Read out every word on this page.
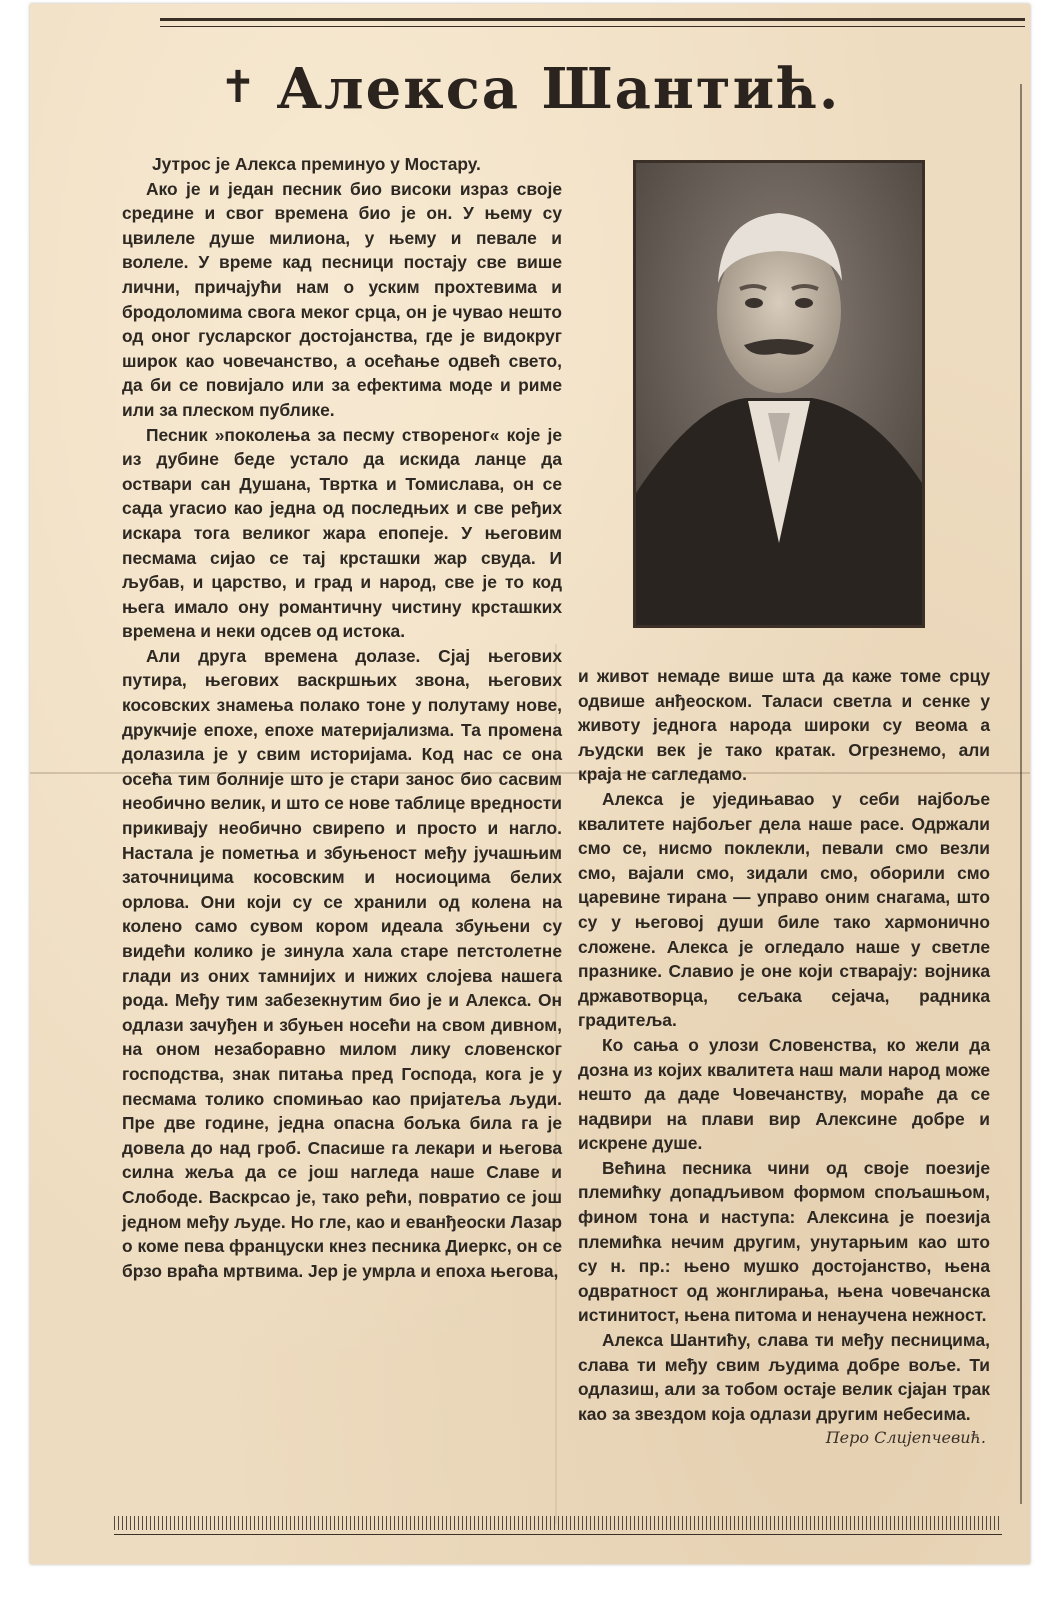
✝ Алекса Шантић.

Јутрос је Алекса преминуо у Мостару.

Ако је и један песник био високи израз своје средине и свог времена био је он. У њему су цвилеле душе милиона, у њему и певале и волеле. У време кад песници постају све више лични, причајући нам о уским прохтевима и бродоломима свога меког срца, он је чувао нешто од оног гусларског достојанства, где је видокруг широк као човечанство, а осећање одвећ свето, да би се повијало или за ефектима моде и риме или за плеском публике.

Песник »поколења за песму створеног« које је из дубине беде устало да искида ланце да оствари сан Душана, Твртка и Томислава, он се сада угасио као једна од последњих и све ређих искара тога великог жара епопеје. У његовим песмама сијао се тај крсташки жар свуда. И љубав, и царство, и град и народ, све је то код њега имало ону романтичну чистину крсташких времена и неки одсев од истока.

Али друга времена долазе. Сјај његових путира, његових васкршњих звона, његових косовских знамења полако тоне у полутаму нове, друкчије епохе, епохе материјализма. Та промена долазила је у свим историјама. Код нас се она осећа тим болније што је стари занос био сасвим необично велик, и што се нове таблице вредности прикивају необично свирепо и просто и нагло. Настала је пометња и збуњеност међу јучашњим заточницима косовским и носиоцима белих орлова. Они који су се хранили од колена на колено само сувом кором идеала збуњени су видећи колико је зинула хала старе петстолетне глади из оних тамнијих и нижих слојева нашега рода. Међу тим забезекнутим био је и Алекса. Он одлази зачуђен и збуњен носећи на свом дивном, на оном незаборавно милом лику словенског господства, знак питања пред Господа, кога је у песмама толико спомињао као пријатеља људи. Пре две године, једна опасна бољка била га је довела до над гроб. Спасише га лекари и његова силна жеља да се још нагледа наше Славе и Слободе. Васкрсао је, тако рећи, повратио се још једном међу људе. Но гле, као и еванђеоски Лазар о коме пева француски кнез песника Диеркс, он се брзо враћа мртвима. Јер је умрла и епоха његова,

и живот немаде више шта да каже томе срцу одвише анђеоском. Таласи светла и сенке у животу једнога народа широки су веома а људски век је тако кратак. Огрезнемо, али краја не сагледамо.

Алекса је уједињавао у себи најбоље квалитете најбољег дела наше расе. Одржали смо се, нисмо поклекли, певали смо везли смо, вајали смо, зидали смо, оборили смо царевине тирана — управо оним снагама, што су у његовој души биле тако хармонично сложене. Алекса је огледало наше у светле празнике. Славио је оне који стварају: војника државотворца, сељака сејача, радника градитеља.

Ко сања о улози Словенства, ко жели да дозна из којих квалитета наш мали народ може нешто да даде Човечанству, мораће да се надвири на плави вир Алексине добре и искрене душе.

Већина песника чини од своје поезије племићку допадљивом формом спољашњом, фином тона и наступа: Алексина је поезија племићка нечим другим, унутарњим као што су н. пр.: њено мушко достојанство, њена одвратност од жонглирања, њена човечанска истинитост, њена питома и ненаучена нежност.

Алекса Шантићу, слава ти међу песницима, слава ти међу свим људима добре воље. Ти одлазиш, али за тобом остаје велик сјајан трак као за звездом која одлази другим небесима.
Перо Слијепчевић.
